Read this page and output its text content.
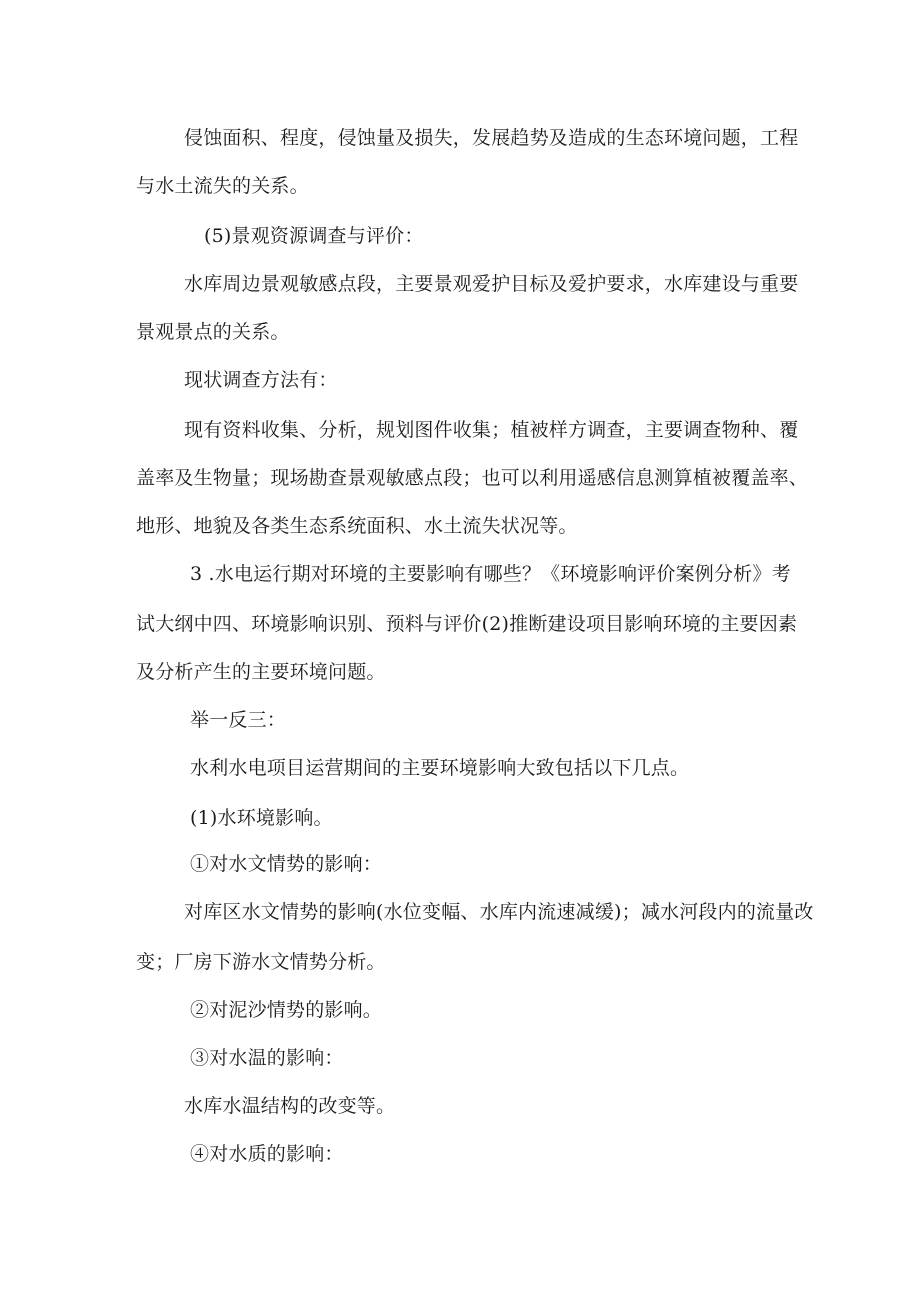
侵蚀面积、程度，侵蚀量及损失，发展趋势及造成的生态环境问题，工程

与水土流失的关系。

(5)景观资源调查与评价：

水库周边景观敏感点段，主要景观爱护目标及爱护要求，水库建设与重要

景观景点的关系。

现状调查方法有：

现有资料收集、分析，规划图件收集；植被样方调查，主要调查物种、覆

盖率及生物量；现场勘查景观敏感点段；也可以利用遥感信息测算植被覆盖率、

地形、地貌及各类生态系统面积、水土流失状况等。

3 .水电运行期对环境的主要影响有哪些？《环境影响评价案例分析》考

试大纲中四、环境影响识别、预料与评价(2)推断建设项目影响环境的主要因素

及分析产生的主要环境问题。

举一反三：

水利水电项目运营期间的主要环境影响大致包括以下几点。

(1)水环境影响。

①对水文情势的影响：

对库区水文情势的影响(水位变幅、水库内流速减缓)；减水河段内的流量改

变；厂房下游水文情势分析。

②对泥沙情势的影响。

③对水温的影响：

水库水温结构的改变等。

④对水质的影响：
